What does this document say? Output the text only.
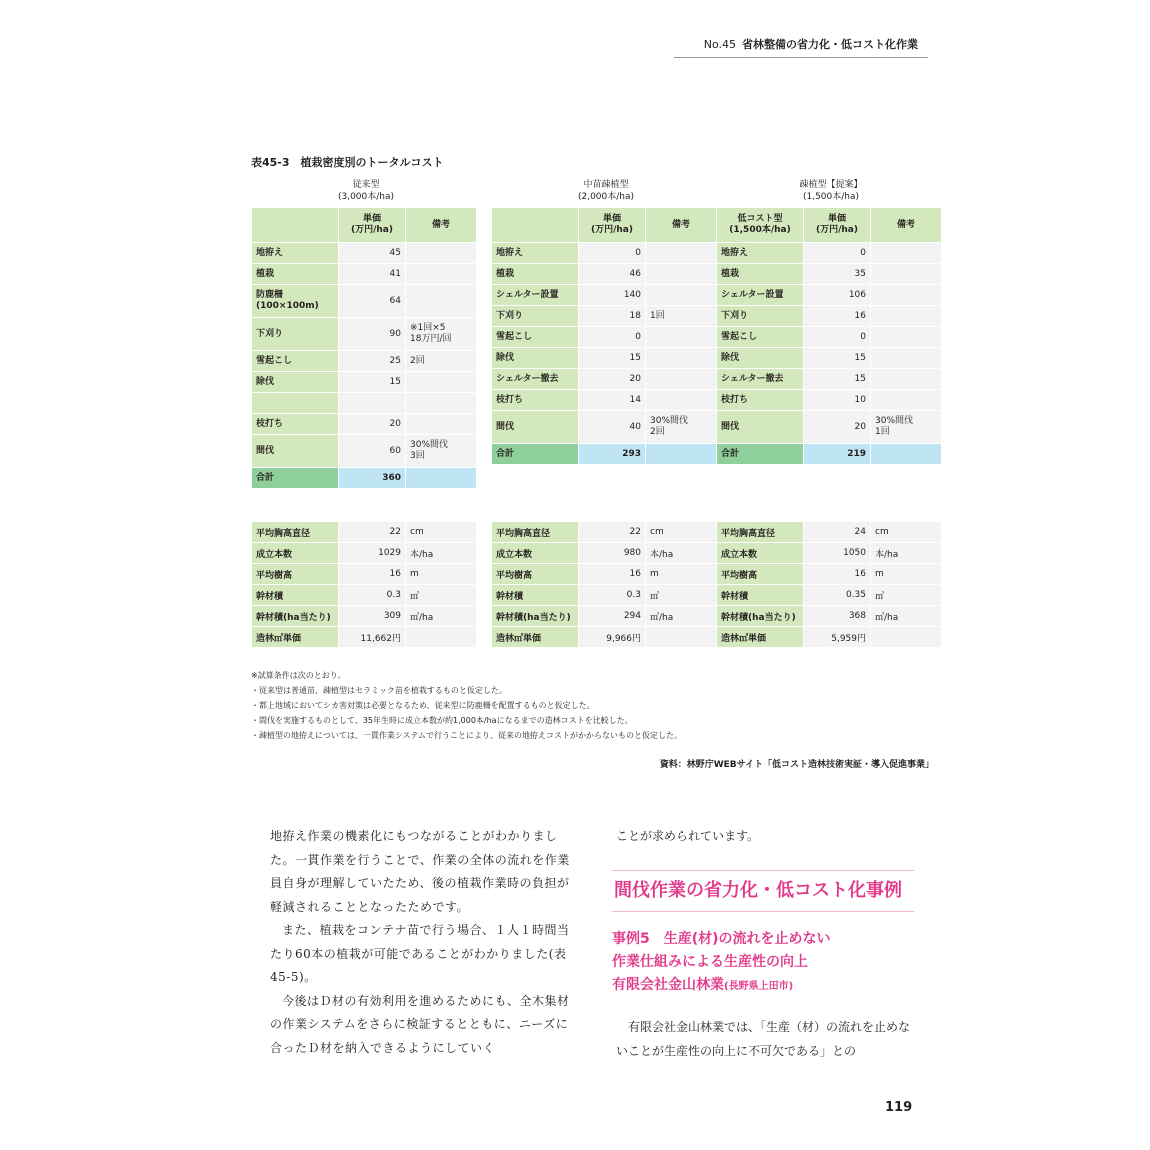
No.45 省林整備の省力化・低コスト化作業
表45-3　植栽密度別のトータルコスト
従来型
(3,000本/ha)
中苗疎植型
(2,000本/ha)
疎植型【提案】
(1,500本/ha)
	単価
(万円/ha)	備考
地拵え	45	
植栽	41	
防鹿柵
(100×100m)	64	
下刈り	90	※1回×5
18万円/回
雪起こし	25	2回
除伐	15	

枝打ち	20	
間伐	60	30%間伐
3回
合計	360	
	単価
(万円/ha)	備考
地拵え	0	
植栽	46	
シェルター設置	140	
下刈り	18	1回
雪起こし	0	
除伐	15	
シェルター撤去	20	
枝打ち	14	
間伐	40	30%間伐
2回
合計	293	
低コスト型
(1,500本/ha)	単価
(万円/ha)	備考
地拵え	0	
植栽	35	
シェルター設置	106	
下刈り	16	
雪起こし	0	
除伐	15	
シェルター撤去	15	
枝打ち	10	
間伐	20	30%間伐
1回
合計	219	
平均胸高直径	22	cm
成立本数	1029	本/ha
平均樹高	16	m
幹材積	0.3	㎥
幹材積(ha当たり)	309	㎥/ha
造林㎥単価	11,662円	
平均胸高直径	22	cm
成立本数	980	本/ha
平均樹高	16	m
幹材積	0.3	㎥
幹材積(ha当たり)	294	㎥/ha
造林㎥単価	9,966円	
平均胸高直径	24	cm
成立本数	1050	本/ha
平均樹高	16	m
幹材積	0.35	㎥
幹材積(ha当たり)	368	㎥/ha
造林㎥単価	5,959円	
※試算条件は次のとおり。
・従来型は普通苗、疎植型はセラミック苗を植栽するものと仮定した。
・都上地域においてシカ害対策は必要となるため、従来型に防鹿柵を配置するものと仮定した。
・間伐を実施するものとして、35年生時に成立本数が約1,000本/haになるまでの造林コストを比較した。
・疎植型の地拵えについては、一貫作業システムで行うことにより、従来の地拵えコストがかからないものと仮定した。
資料：林野庁WEBサイト「低コスト造林技術実証・導入促進事業」

地拵え作業の機素化にもつながることがわかりました。一貫作業を行うことで、作業の全体の流れを作業員自身が理解していたため、後の植栽作業時の負担が軽減されることとなったためです。

また、植栽をコンテナ苗で行う場合、１人１時間当たり60本の植栽が可能であることがわかりました(表45-5)。

今後はＤ材の有効利用を進めるためにも、全木集材の作業システムをさらに検証するとともに、ニーズに合ったＤ材を納入できるようにしていく

ことが求められています。
間伐作業の省力化・低コスト化事例
事例5　生産(材)の流れを止めない
作業仕組みによる生産性の向上
有限会社金山林業(長野県上田市)

有限会社金山林業では、「生産（材）の流れを止めないことが生産性の向上に不可欠である」との

119
